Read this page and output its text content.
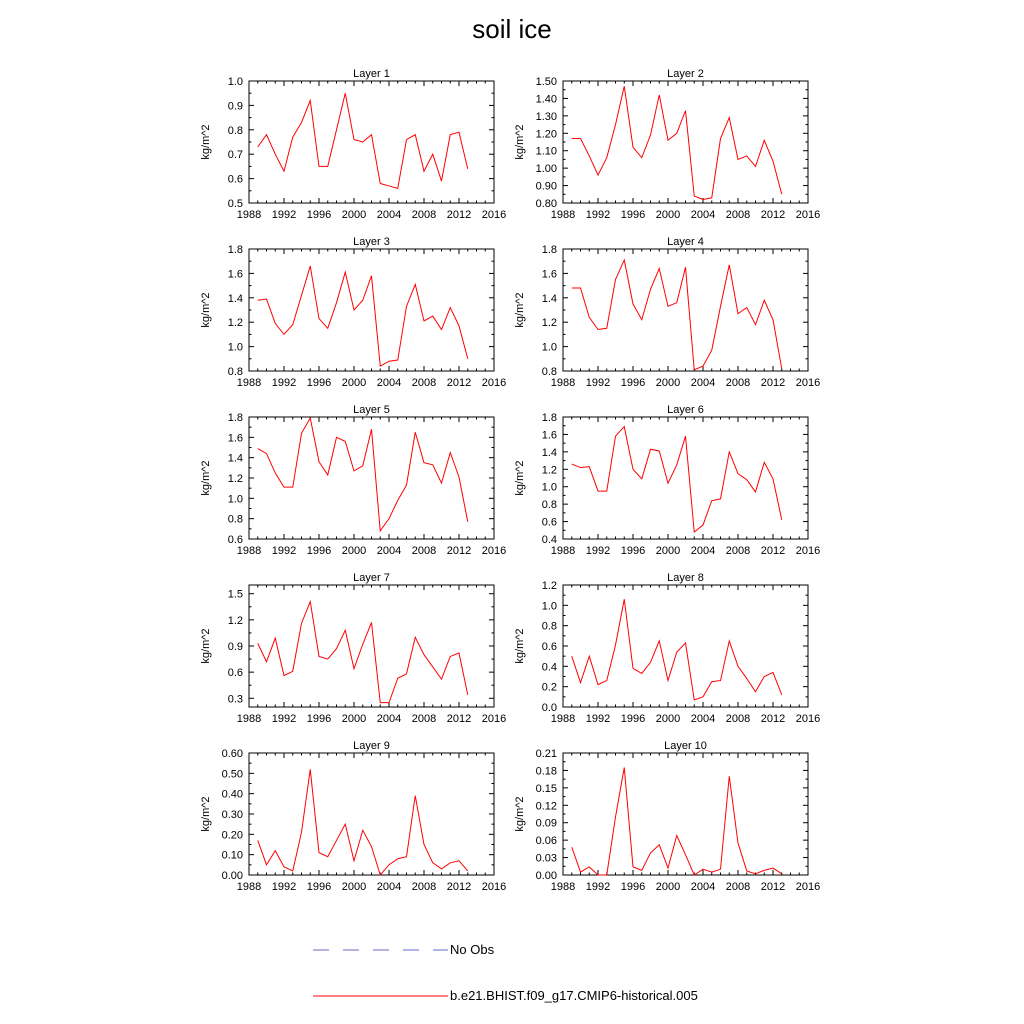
soil ice
Layer 1
kg/m^2
1988 1992 1996 2000 2004 2008 2012 2016
0.5
0.6
0.7
0.8
0.9
1.0
Layer 2
kg/m^2
1988 1992 1996 2000 2004 2008 2012 2016
0.80
0.90
1.00
1.10
1.20
1.30
1.40
1.50
Layer 3
kg/m^2
1988 1992 1996 2000 2004 2008 2012 2016
0.8
1.0
1.2
1.4
1.6
1.8
Layer 4
kg/m^2
1988 1992 1996 2000 2004 2008 2012 2016
0.8
1.0
1.2
1.4
1.6
1.8
Layer 5
kg/m^2
1988 1992 1996 2000 2004 2008 2012 2016
0.6
0.8
1.0
1.2
1.4
1.6
1.8
Layer 6
kg/m^2
1988 1992 1996 2000 2004 2008 2012 2016
0.4
0.6
0.8
1.0
1.2
1.4
1.6
1.8
Layer 7
kg/m^2
1988 1992 1996 2000 2004 2008 2012 2016
0.3
0.6
0.9
1.2
1.5
Layer 8
kg/m^2
1988 1992 1996 2000 2004 2008 2012 2016
0.0
0.2
0.4
0.6
0.8
1.0
1.2
Layer 9
kg/m^2
1988 1992 1996 2000 2004 2008 2012 2016
0.00
0.10
0.20
0.30
0.40
0.50
0.60
Layer 10
kg/m^2
1988 1992 1996 2000 2004 2008 2012 2016
0.00
0.03
0.06
0.09
0.12
0.15
0.18
0.21
No Obs
b.e21.BHIST.f09_g17.CMIP6-historical.005
